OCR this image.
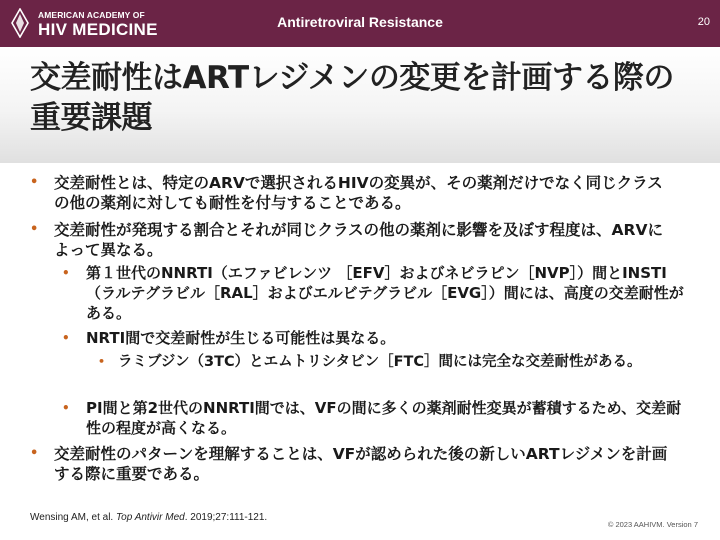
AMERICAN ACADEMY OF
HIV MEDICINE	Antiretroviral Resistance	20
交差耐性はARTレジメンの変更を計画する際の重要課題
• 交差耐性とは、特定のARVで選択されるHIVの変異が、その薬剤だけでなく同じクラスの他の薬剤に対しても耐性を付与することである。
• 交差耐性が発現する割合とそれが同じクラスの他の薬剤に影響を及ぼす程度は、ARVによって異なる。
• 第１世代のNNRTI（エファビレンツ ［EFV］およびネビラピン［NVP］）間とINSTI（ラルテグラビル［RAL］およびエルビテグラビル［EVG］）間には、高度の交差耐性がある。
• NRTI間で交差耐性が生じる可能性は異なる。
• ラミブジン（3TC）とエムトリシタビン［FTC］間には完全な交差耐性がある。
• PI間と第2世代のNNRTI間では、VFの間に多くの薬剤耐性変異が蓄積するため、交差耐性の程度が高くなる。
• 交差耐性のパターンを理解することは、VFが認められた後の新しいARTレジメンを計画する際に重要である。
Wensing AM, et al. Top Antivir Med. 2019;27:111-121.
© 2023 AAHIVM. Version 7
